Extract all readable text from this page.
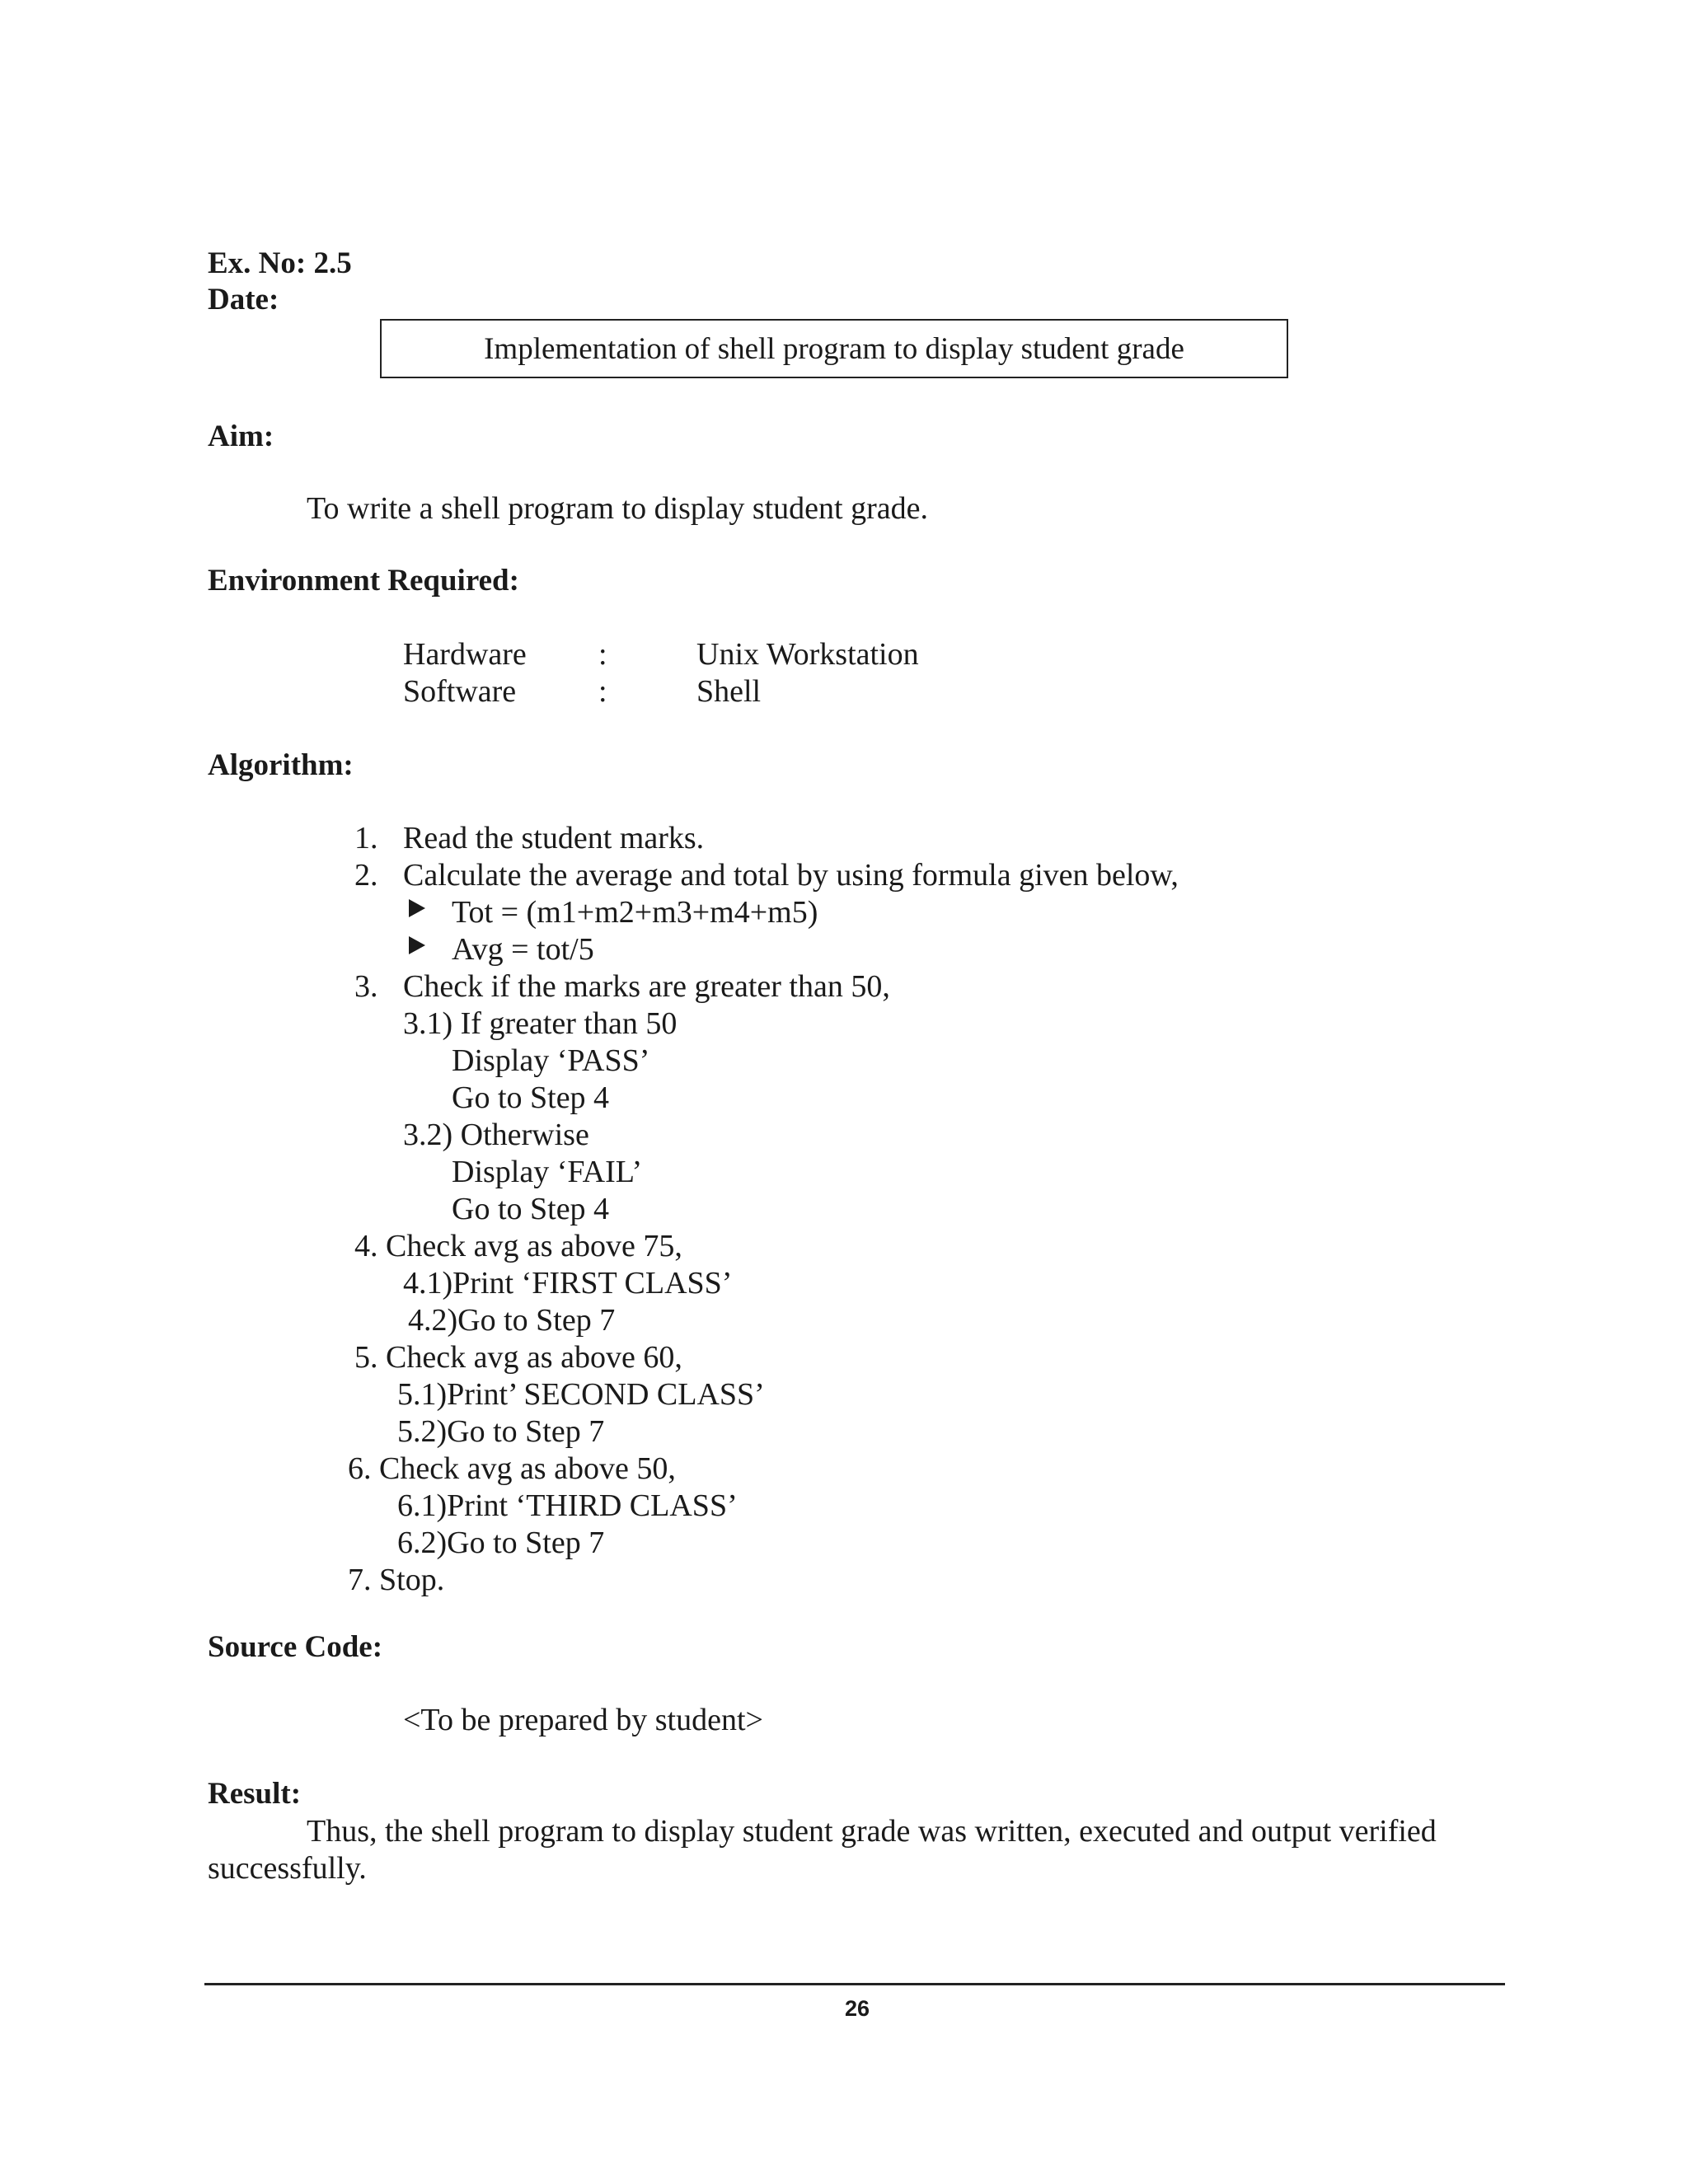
Ex. No: 2.5
Date:
Implementation of shell program to display student grade
Aim:
To write a shell program to display student grade.
Environment Required:
Hardware :	Unix Workstation
Software	:	Shell
Algorithm:
1. Read the student marks.
2. Calculate the average and total by using formula given below,
Tot = (m1+m2+m3+m4+m5)
Avg = tot/5
3. Check if the marks are greater than 50,
3.1) If greater than 50
Display ‘PASS’
Go to Step 4
3.2) Otherwise
Display ‘FAIL’
Go to Step 4
4. Check avg as above 75,
4.1)Print ‘FIRST CLASS’
4.2)Go to Step 7
5. Check avg as above 60,
5.1)Print’ SECOND CLASS’
5.2)Go to Step 7
6. Check avg as above 50,
6.1)Print ‘THIRD CLASS’
6.2)Go to Step 7
7. Stop.
Source Code:
<To be prepared by student>
Result:
Thus, the shell program to display student grade was written, executed and output verified
successfully.
26
